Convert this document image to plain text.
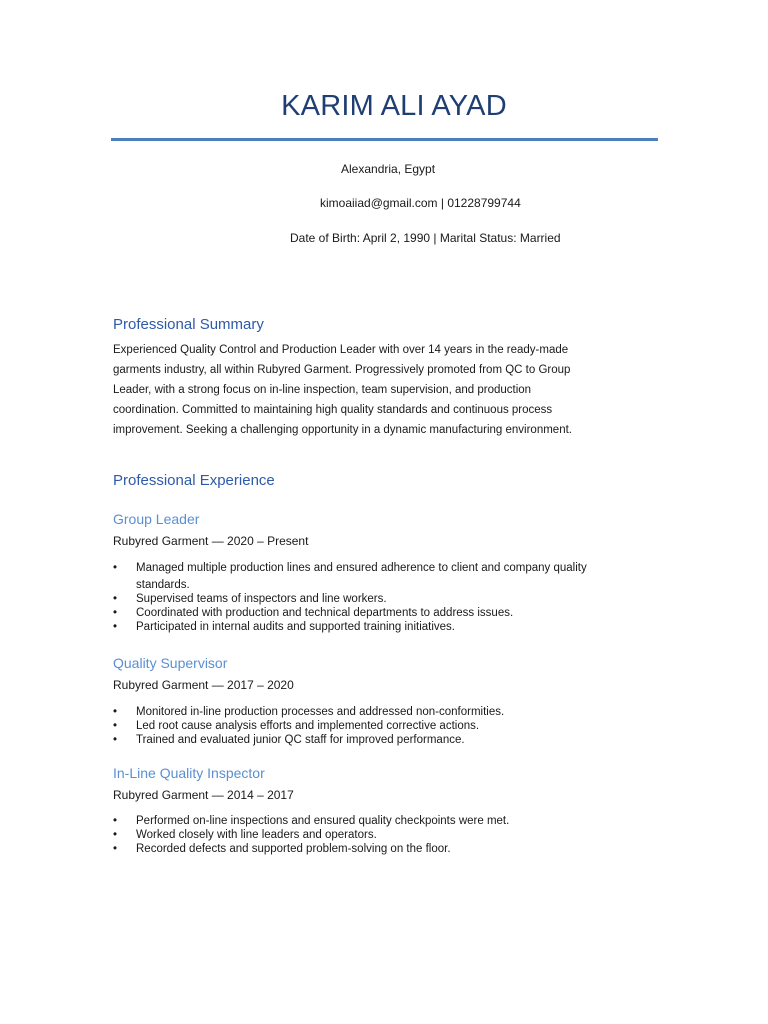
KARIM ALI AYAD
Alexandria, Egypt
kimoaiiad@gmail.com | 01228799744
Date of Birth: April 2, 1990 | Marital Status: Married
Professional Summary
Experienced Quality Control and Production Leader with over 14 years in the ready-made
garments industry, all within Rubyred Garment. Progressively promoted from QC to Group
Leader, with a strong focus on in-line inspection, team supervision, and production
coordination. Committed to maintaining high quality standards and continuous process
improvement. Seeking a challenging opportunity in a dynamic manufacturing environment.
Professional Experience
Group Leader
Rubyred Garment — 2020 – Present
• Managed multiple production lines and ensured adherence to client and company quality
standards.
• Supervised teams of inspectors and line workers.
• Coordinated with production and technical departments to address issues.
• Participated in internal audits and supported training initiatives.
Quality Supervisor
Rubyred Garment — 2017 – 2020
• Monitored in-line production processes and addressed non-conformities.
• Led root cause analysis efforts and implemented corrective actions.
• Trained and evaluated junior QC staff for improved performance.
In-Line Quality Inspector
Rubyred Garment — 2014 – 2017
• Performed on-line inspections and ensured quality checkpoints were met.
• Worked closely with line leaders and operators.
• Recorded defects and supported problem-solving on the floor.
